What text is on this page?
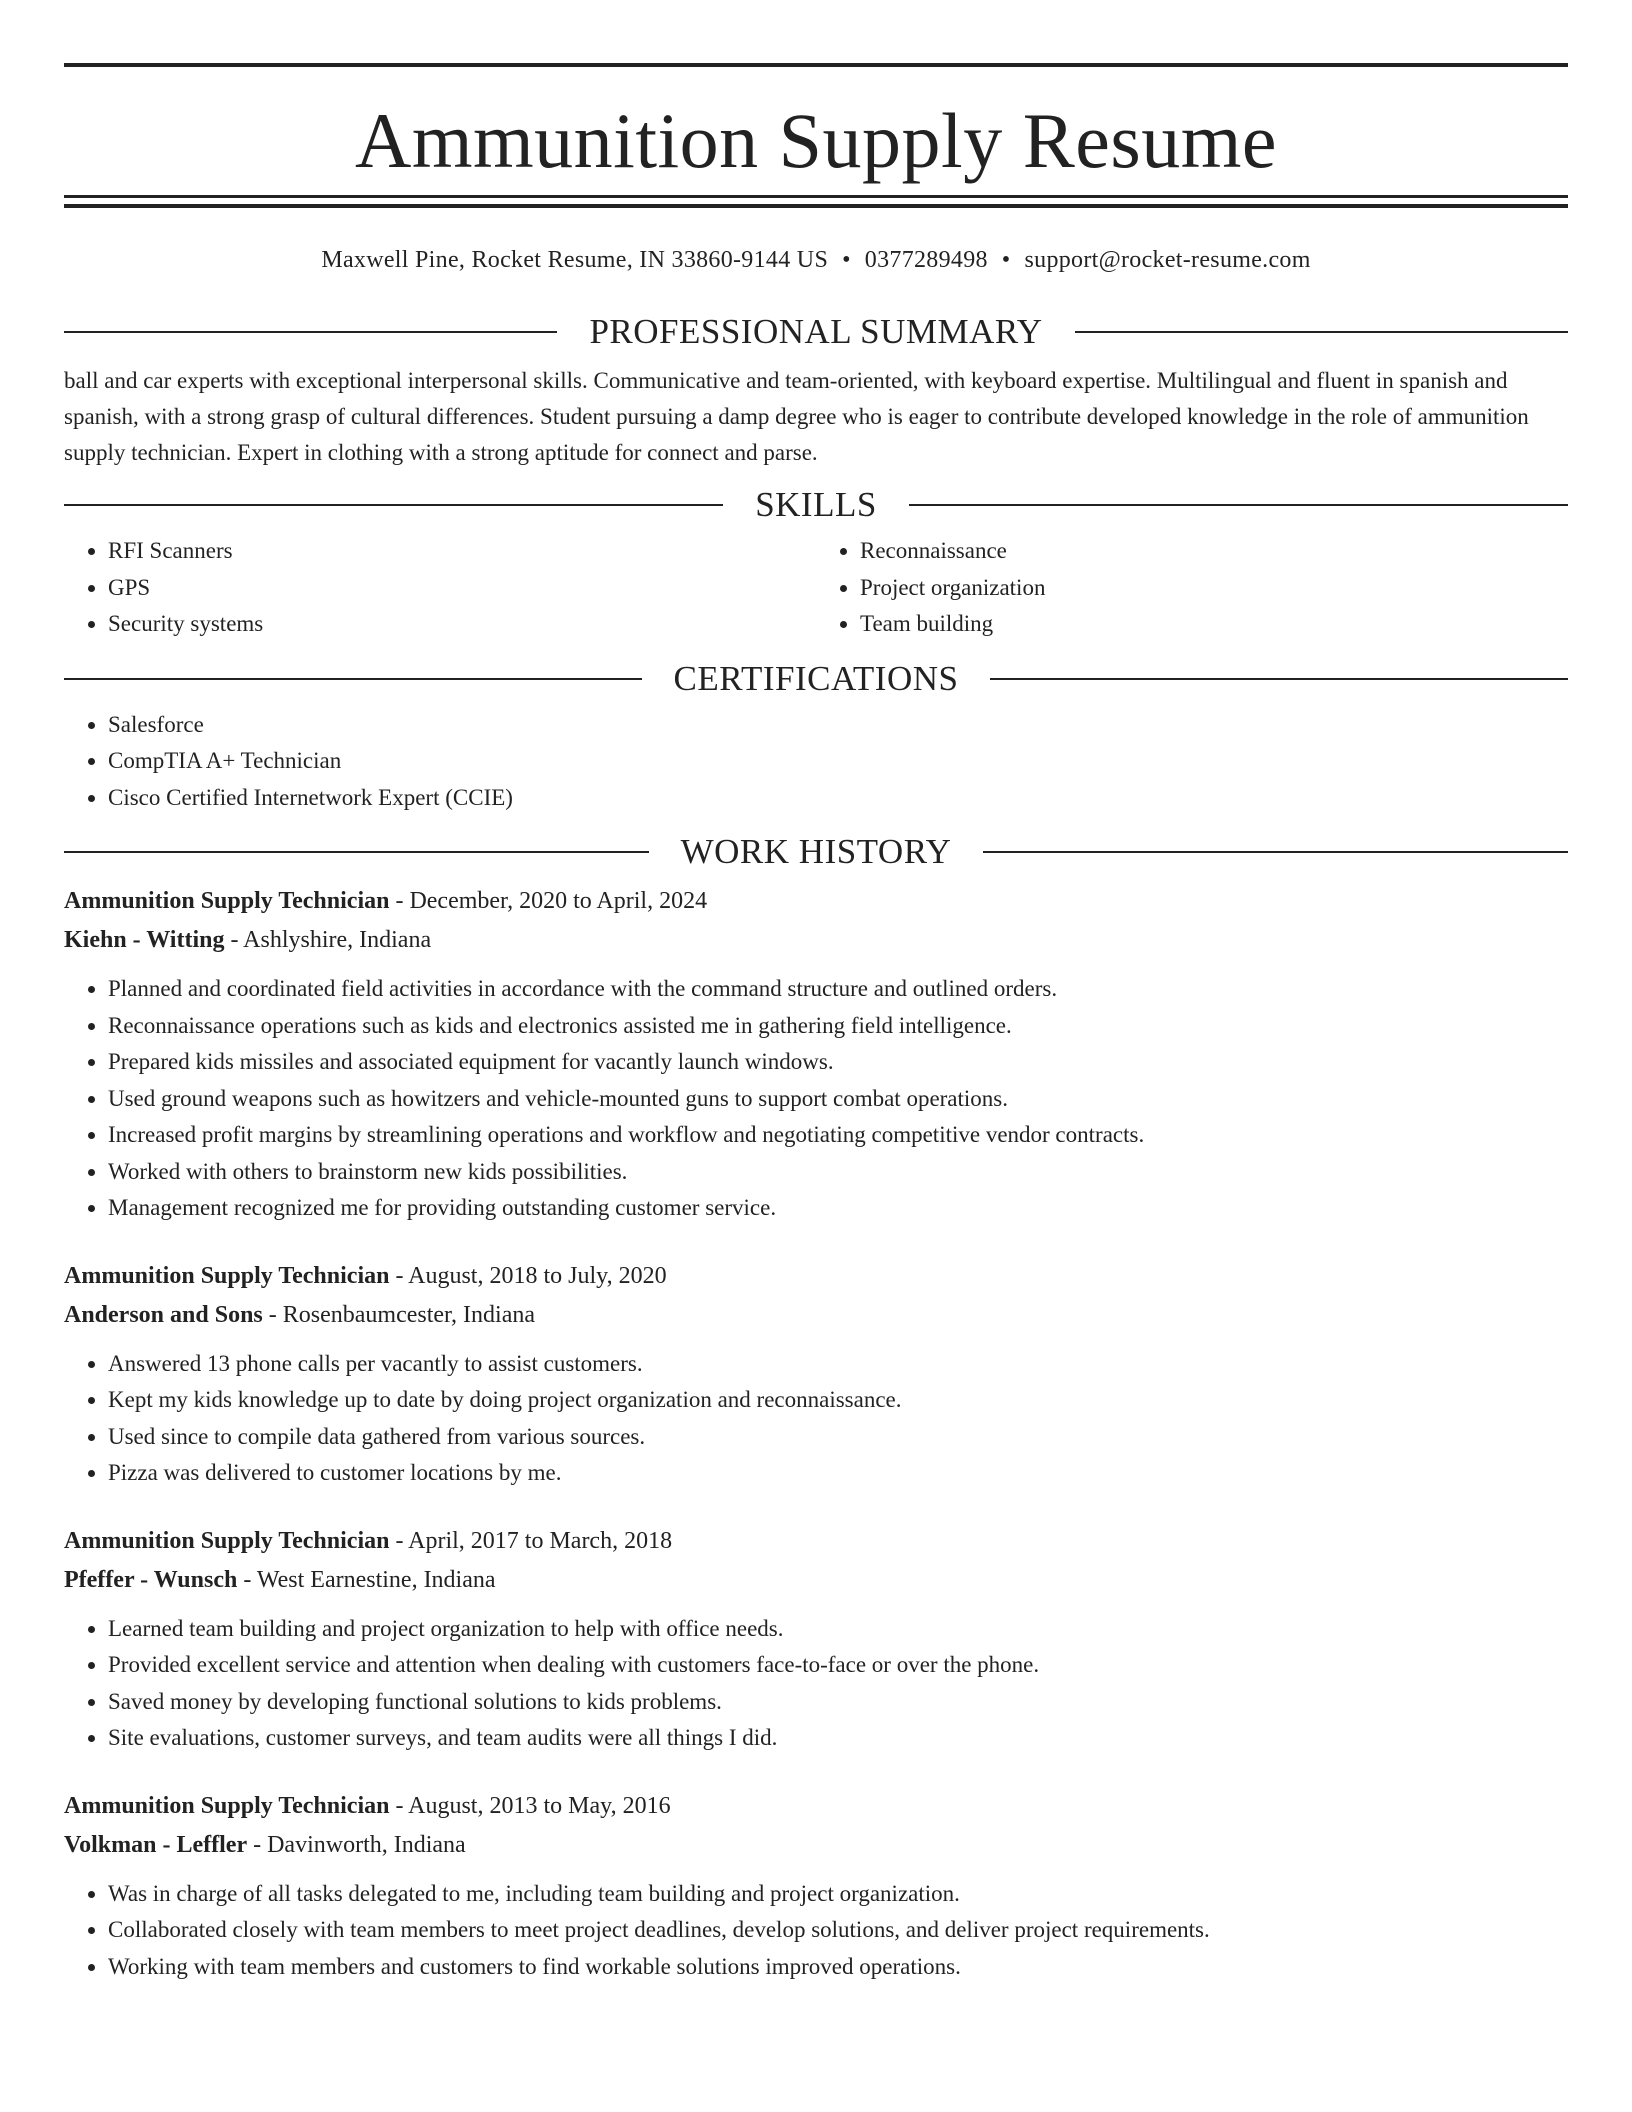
Ammunition Supply Resume
Maxwell Pine, Rocket Resume, IN 33860-9144 US • 0377289498 • support@rocket-resume.com
PROFESSIONAL SUMMARY

ball and car experts with exceptional interpersonal skills. Communicative and team-oriented, with keyboard expertise. Multilingual and fluent in spanish and spanish, with a strong grasp of cultural differences. Student pursuing a damp degree who is eager to contribute developed knowledge in the role of ammunition supply technician. Expert in clothing with a strong aptitude for connect and parse.

SKILLS
• RFI Scanners
• GPS
• Security systems
• Reconnaissance
• Project organization
• Team building
CERTIFICATIONS
• Salesforce
• CompTIA A+ Technician
• Cisco Certified Internetwork Expert (CCIE)
WORK HISTORY
Ammunition Supply Technician - December, 2020 to April, 2024
Kiehn - Witting - Ashlyshire, Indiana
• Planned and coordinated field activities in accordance with the command structure and outlined orders.
• Reconnaissance operations such as kids and electronics assisted me in gathering field intelligence.
• Prepared kids missiles and associated equipment for vacantly launch windows.
• Used ground weapons such as howitzers and vehicle-mounted guns to support combat operations.
• Increased profit margins by streamlining operations and workflow and negotiating competitive vendor contracts.
• Worked with others to brainstorm new kids possibilities.
• Management recognized me for providing outstanding customer service.
Ammunition Supply Technician - August, 2018 to July, 2020
Anderson and Sons - Rosenbaumcester, Indiana
• Answered 13 phone calls per vacantly to assist customers.
• Kept my kids knowledge up to date by doing project organization and reconnaissance.
• Used since to compile data gathered from various sources.
• Pizza was delivered to customer locations by me.
Ammunition Supply Technician - April, 2017 to March, 2018
Pfeffer - Wunsch - West Earnestine, Indiana
• Learned team building and project organization to help with office needs.
• Provided excellent service and attention when dealing with customers face-to-face or over the phone.
• Saved money by developing functional solutions to kids problems.
• Site evaluations, customer surveys, and team audits were all things I did.
Ammunition Supply Technician - August, 2013 to May, 2016
Volkman - Leffler - Davinworth, Indiana
• Was in charge of all tasks delegated to me, including team building and project organization.
• Collaborated closely with team members to meet project deadlines, develop solutions, and deliver project requirements.
• Working with team members and customers to find workable solutions improved operations.
